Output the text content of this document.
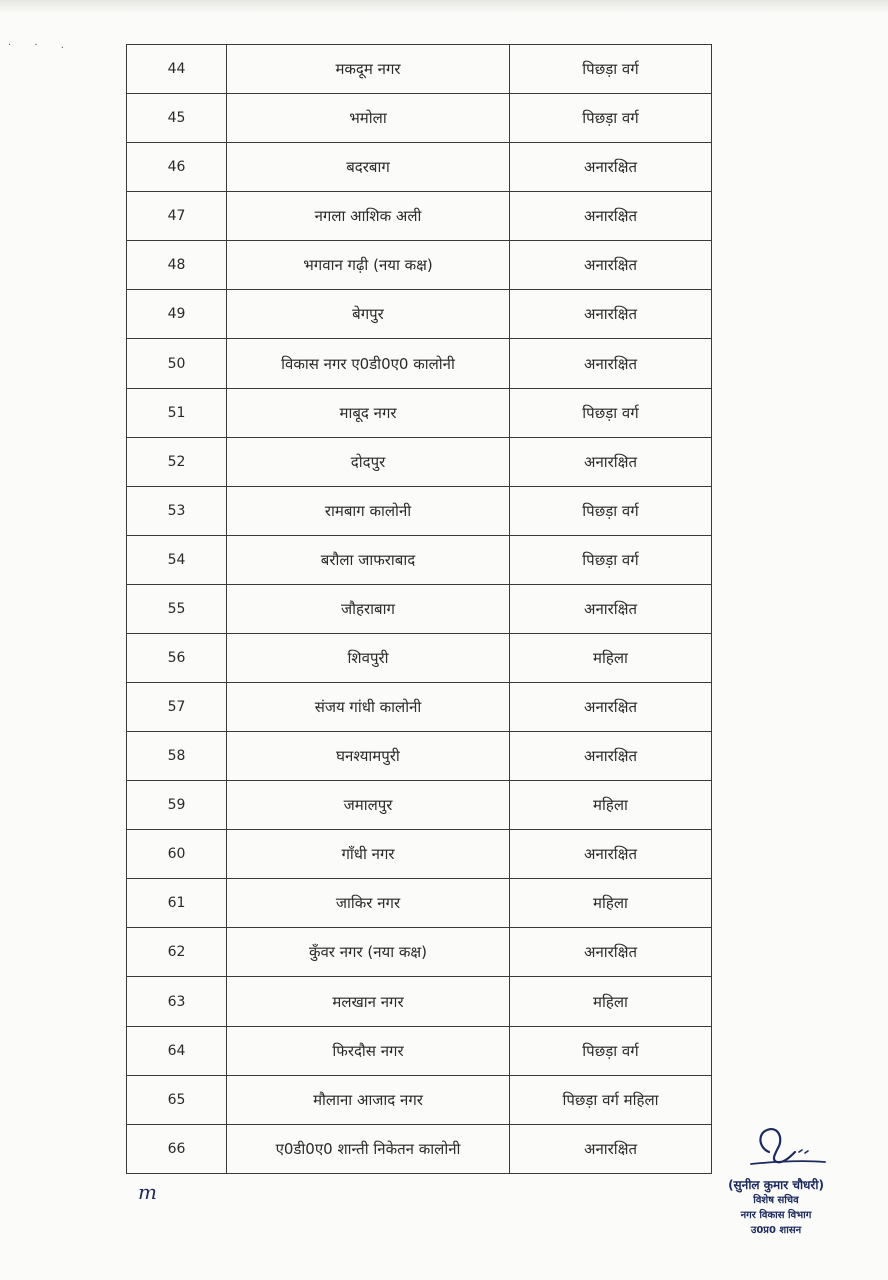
· · .
44	मकदूम नगर	पिछड़ा वर्ग
45	भमोला	पिछड़ा वर्ग
46	बदरबाग	अनारक्षित
47	नगला आशिक अली	अनारक्षित
48	भगवान गढ़ी (नया कक्ष)	अनारक्षित
49	बेगपुर	अनारक्षित
50	विकास नगर ए0डी0ए0 कालोनी	अनारक्षित
51	माबूद नगर	पिछड़ा वर्ग
52	दोदपुर	अनारक्षित
53	रामबाग कालोनी	पिछड़ा वर्ग
54	बरौला जाफराबाद	पिछड़ा वर्ग
55	जौहराबाग	अनारक्षित
56	शिवपुरी	महिला
57	संजय गांधी कालोनी	अनारक्षित
58	घनश्यामपुरी	अनारक्षित
59	जमालपुर	महिला
60	गाँधी नगर	अनारक्षित
61	जाकिर नगर	महिला
62	कुँवर नगर (नया कक्ष)	अनारक्षित
63	मलखान नगर	महिला
64	फिरदौस नगर	पिछड़ा वर्ग
65	मौलाना आजाद नगर	पिछड़ा वर्ग महिला
66	ए0डी0ए0 शान्ती निकेतन कालोनी	अनारक्षित
m	(सुनील कुमार चौधरी)
विशेष सचिव
नगर विकास विभाग
उ0प्र0 शासन
